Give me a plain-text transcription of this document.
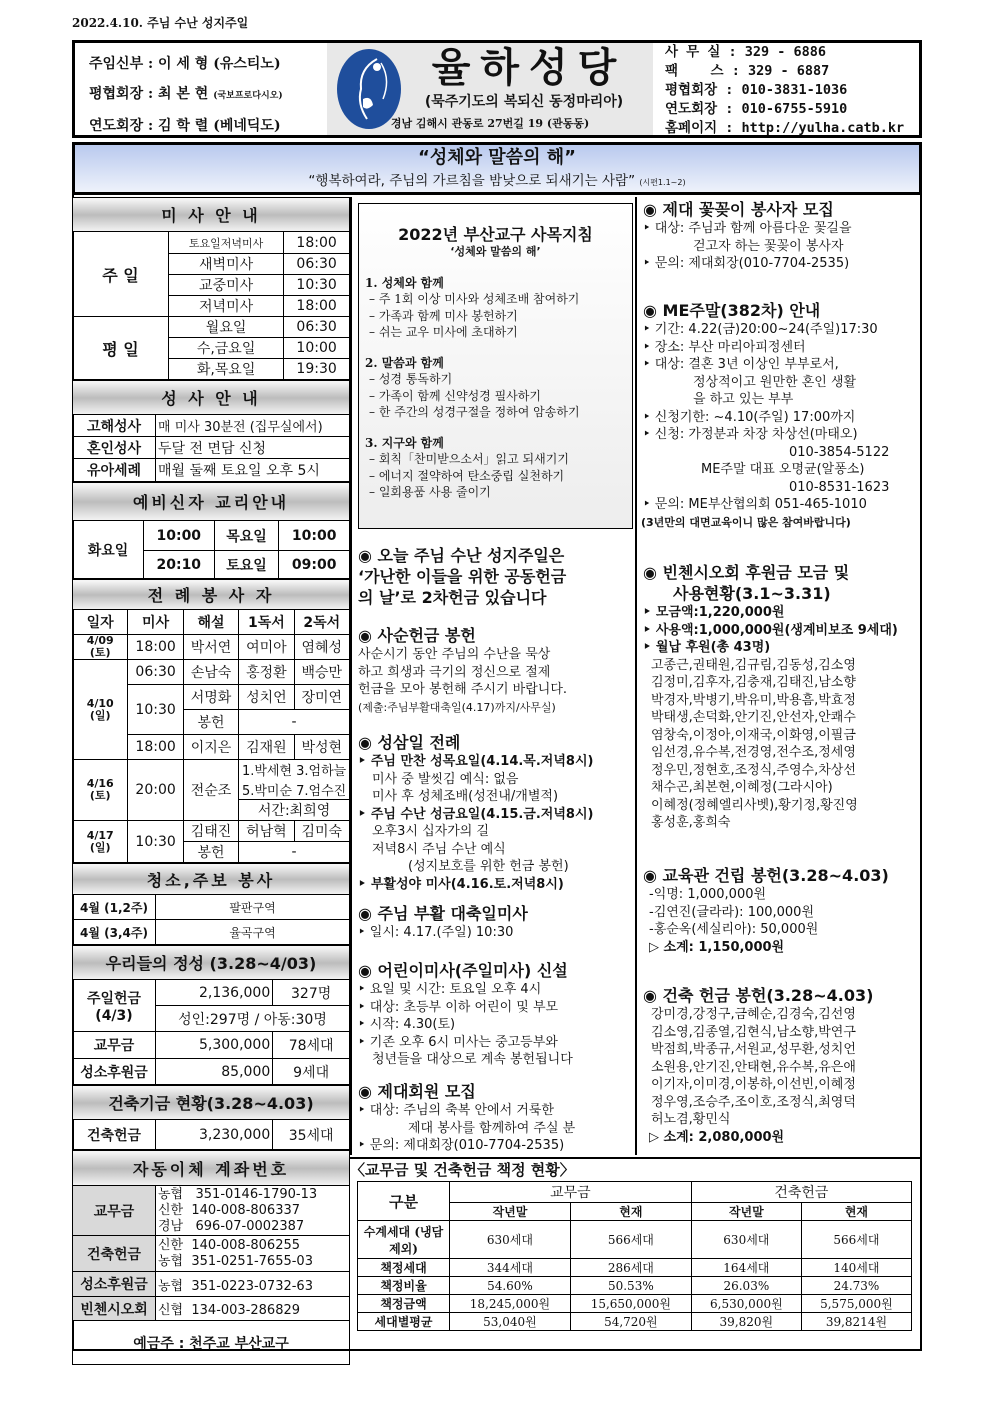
2022.4.10. 주님 수난 성지주일
주임신부 : 이 세 형 (유스티노)
평협회장 : 최 본 현 (국보프로다시오)
연도회장 : 김 학 렬 (베네딕도)
율하성당
(묵주기도의 복되신 동정마리아)
경남 김해시 관동로 27번길 19 (관동동)
사 무 실 : 329 - 6886
팩    스 : 329 - 6887
평협회장 : 010-3831-1036
연도회장 : 010-6755-5910
홈페이지 : http://yulha.catb.kr
“성체와 말씀의 해”
“행복하여라, 주님의 가르침을 밤낮으로 되새기는 사람” (시편1.1~2)
미 사 안 내		
주 일	토요일저녁미사	18:00
	새벽미사	06:30
	교중미사	10:30
	저녁미사	18:00
평 일	월요일	06:30
	수,금요일	10:00
	화,목요일	19:30
성 사 안 내	
고해성사	매 미사 30분전 (집무실에서)
혼인성사	두달 전 면담 신청
유아세례	매월 둘째 토요일 오후 5시
예비신자 교리안내			
화요일	10:00	목요일	10:00
	20:10	토요일	09:00
전 례 봉 사 자				
일자	미사	해설	1독서	2독서
4/09 (토)	18:00	박서연	여미아	염혜성
4/10 (일)	06:30	손남숙	홍정환	백승만
	10:30	서명화	성치언	장미연
		봉헌	-	
	18:00	이지은	김재원	박성현
4/16 (토)	20:00	전순조	1.박세현 3.엄하늘	
			5.박미순 7.엄수진	
			서간:최희영	
4/17 (일)	10:30	김태진	허남혁	김미숙
		봉헌	-	
청소,주보 봉사	
4월 (1,2주)	팔판구역
4월 (3,4주)	율곡구역
우리들의 정성 (3.28~4/03)		
주일헌금
(4/3)	2,136,000	327명
	성인:297명 / 아동:30명	
교무금	5,300,000	78세대
성소후원금	85,000	9세대
건축기금 현황(3.28~4.03)
건축헌금	3,230,000	35세대
자동이체 계좌번호	
교무금	농협   351-0146-1790-13
신한  140-008-806337
경남   696-07-0002387

건축헌금	신한  140-008-806255
농협  351-0251-7655-03

성소후원금	농협  351-0223-0732-63
빈첸시오회	신협  134-003-286829
예금주 : 천주교 부산교구	
2022년 부산교구 사목지침
‘성체와 말씀의 해’
1. 성체와 함께
– 주 1회 이상 미사와 성체조배 참여하기
– 가족과 함께 미사 봉헌하기
– 쉬는 교우 미사에 초대하기
2. 말씀과 함께
– 성경 통독하기
– 가족이 함께 신약성경 필사하기
– 한 주간의 성경구절을 정하여 암송하기
3. 지구와 함께
– 회칙「찬미받으소서」읽고 되새기기
– 에너지 절약하여 탄소중립 실천하기
– 일회용품 사용 줄이기
◉ 오늘 주님 수난 성지주일은
‘가난한 이들을 위한 공동헌금
의 날’로 2차헌금 있습니다
◉ 사순헌금 봉헌
사순시기 동안 주님의 수난을 묵상
하고 희생과 극기의 정신으로 절제
헌금을 모아 봉헌해 주시기 바랍니다.
(제출:주님부활대축일(4.17)까지/사무실)
◉ 성삼일 전례
‣ 주님 만찬 성목요일(4.14.목.저녁8시)
미사 중 발씻김 예식: 없음
미사 후 성체조배(성전내/개별적)
‣ 주님 수난 성금요일(4.15.금.저녁8시)
오후3시 십자가의 길
저녁8시 주님 수난 예식
(성지보호를 위한 헌금 봉헌)
‣ 부활성야 미사(4.16.토.저녁8시)
◉ 주님 부활 대축일미사
‣ 일시: 4.17.(주일) 10:30
◉ 어린이미사(주일미사) 신설
‣ 요일 및 시간: 토요일 오후 4시
‣ 대상: 초등부 이하 어린이 및 부모
‣ 시작: 4.30(토)
‣ 기존 오후 6시 미사는 중고등부와
청년들을 대상으로 계속 봉헌됩니다
◉ 제대회원 모집
‣ 대상: 주님의 축복 안에서 거룩한
제대 봉사를 함께하여 주실 분
‣ 문의: 제대회장(010-7704-2535)
◉ 제대 꽃꽂이 봉사자 모집
‣ 대상: 주님과 함께 아름다운 꽃길을
걷고자 하는 꽃꽂이 봉사자
‣ 문의: 제대회장(010-7704-2535)
◉ ME주말(382차) 안내
‣ 기간: 4.22(금)20:00~24(주일)17:30
‣ 장소: 부산 마리아피정센터
‣ 대상: 결혼 3년 이상인 부부로서,
정상적이고 원만한 혼인 생활
을 하고 있는 부부
‣ 신청기한: ~4.10(주일) 17:00까지
‣ 신청: 가정분과 차장 차상선(마태오)
010-3854-5122
ME주말 대표 오명균(알퐁소)
010-8531-1623
‣ 문의: ME부산협의회 051-465-1010
(3년만의 대면교육이니 많은 참여바랍니다)
◉ 빈첸시오회 후원금 모금 및
사용현황(3.1~3.31)
‣ 모금액:1,220,000원
‣ 사용액:1,000,000원(생계비보조 9세대)
‣ 월납 후원(총 43명)
고종근,권태원,김규림,김동성,김소영
김정미,김후자,김충재,김태진,남소향
박경자,박병기,박유미,박용흠,박효정
박태생,손덕화,안기진,안선자,안쾌수
염창숙,이정아,이재국,이화영,이필금
임선경,유수복,전경영,전수조,정세영
정우민,정현호,조정식,주영수,차상선
채수곤,최본현,이혜정(그라시아)
이혜정(정혜엘리사벳),황기정,황진영
홍성훈,홍희숙
◉ 교육관 건립 봉헌(3.28~4.03)
-익명: 1,000,000원
-김연진(글라라): 100,000원
-홍순옥(세실리아): 50,000원
▷ 소계: 1,150,000원
◉ 건축 헌금 봉헌(3.28~4.03)
강미경,강정구,금혜순,김경숙,김선영
김소영,김종열,김현식,남소향,박연구
박점희,박종규,서원교,성무환,성치언
소원용,안기진,안태현,유수복,유은애
이기자,이미경,이봉하,이선빈,이혜정
정우영,조승주,조이호,조정식,최영덕
허노겸,황민식
▷ 소계: 2,080,000원
〈교무금 및 건축헌금 책정 현황〉
구분	교무금		건축헌금	
	작년말	현재	작년말	현재
수계세대 (냉담제외)	630세대	566세대	630세대	566세대
책정세대	344세대	286세대	164세대	140세대
책정비율	54.60%	50.53%	26.03%	24.73%
책정금액	18,245,000원	15,650,000원	6,530,000원	5,575,000원
세대별평균	53,040원	54,720원	39,820원	39,8214원
